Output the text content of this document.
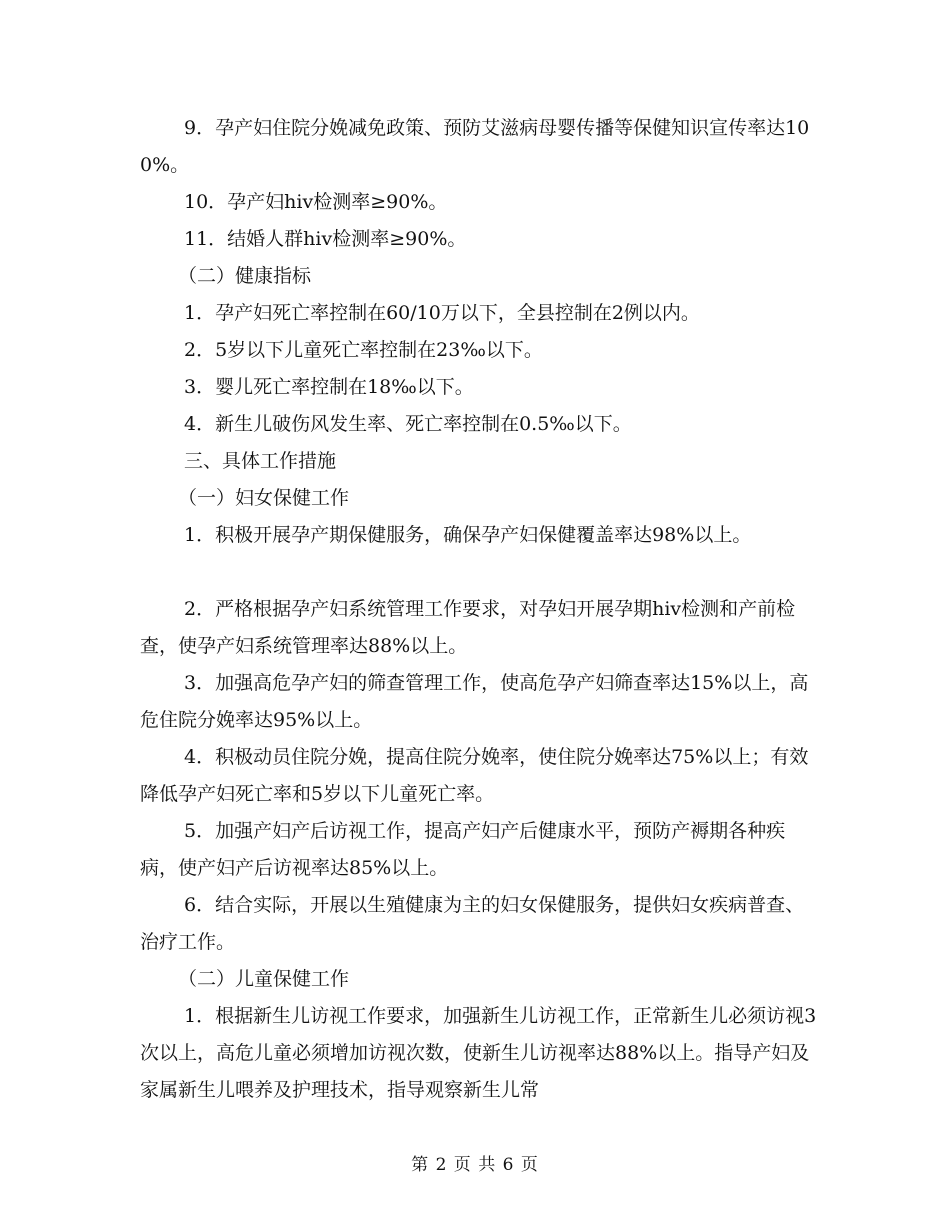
9．孕产妇住院分娩减免政策、预防艾滋病母婴传播等保健知识宣传率达100%。

10．孕产妇hiv检测率≥90%。

11．结婚人群hiv检测率≥90%。

（二）健康指标

1．孕产妇死亡率控制在60/10万以下，全县控制在2例以内。

2．5岁以下儿童死亡率控制在23‰以下。

3．婴儿死亡率控制在18‰以下。

4．新生儿破伤风发生率、死亡率控制在0.5‰以下。

三、具体工作措施

（一）妇女保健工作

1．积极开展孕产期保健服务，确保孕产妇保健覆盖率达98%以上。

2．严格根据孕产妇系统管理工作要求，对孕妇开展孕期hiv检测和产前检查，使孕产妇系统管理率达88%以上。

3．加强高危孕产妇的筛查管理工作，使高危孕产妇筛查率达15%以上，高危住院分娩率达95%以上。

4．积极动员住院分娩，提高住院分娩率，使住院分娩率达75%以上；有效降低孕产妇死亡率和5岁以下儿童死亡率。

5．加强产妇产后访视工作，提高产妇产后健康水平，预防产褥期各种疾病，使产妇产后访视率达85%以上。

6．结合实际，开展以生殖健康为主的妇女保健服务，提供妇女疾病普查、治疗工作。

（二）儿童保健工作

1．根据新生儿访视工作要求，加强新生儿访视工作，正常新生儿必须访视3次以上，高危儿童必须增加访视次数，使新生儿访视率达88%以上。指导产妇及家属新生儿喂养及护理技术，指导观察新生儿常

第 2 页 共 6 页
